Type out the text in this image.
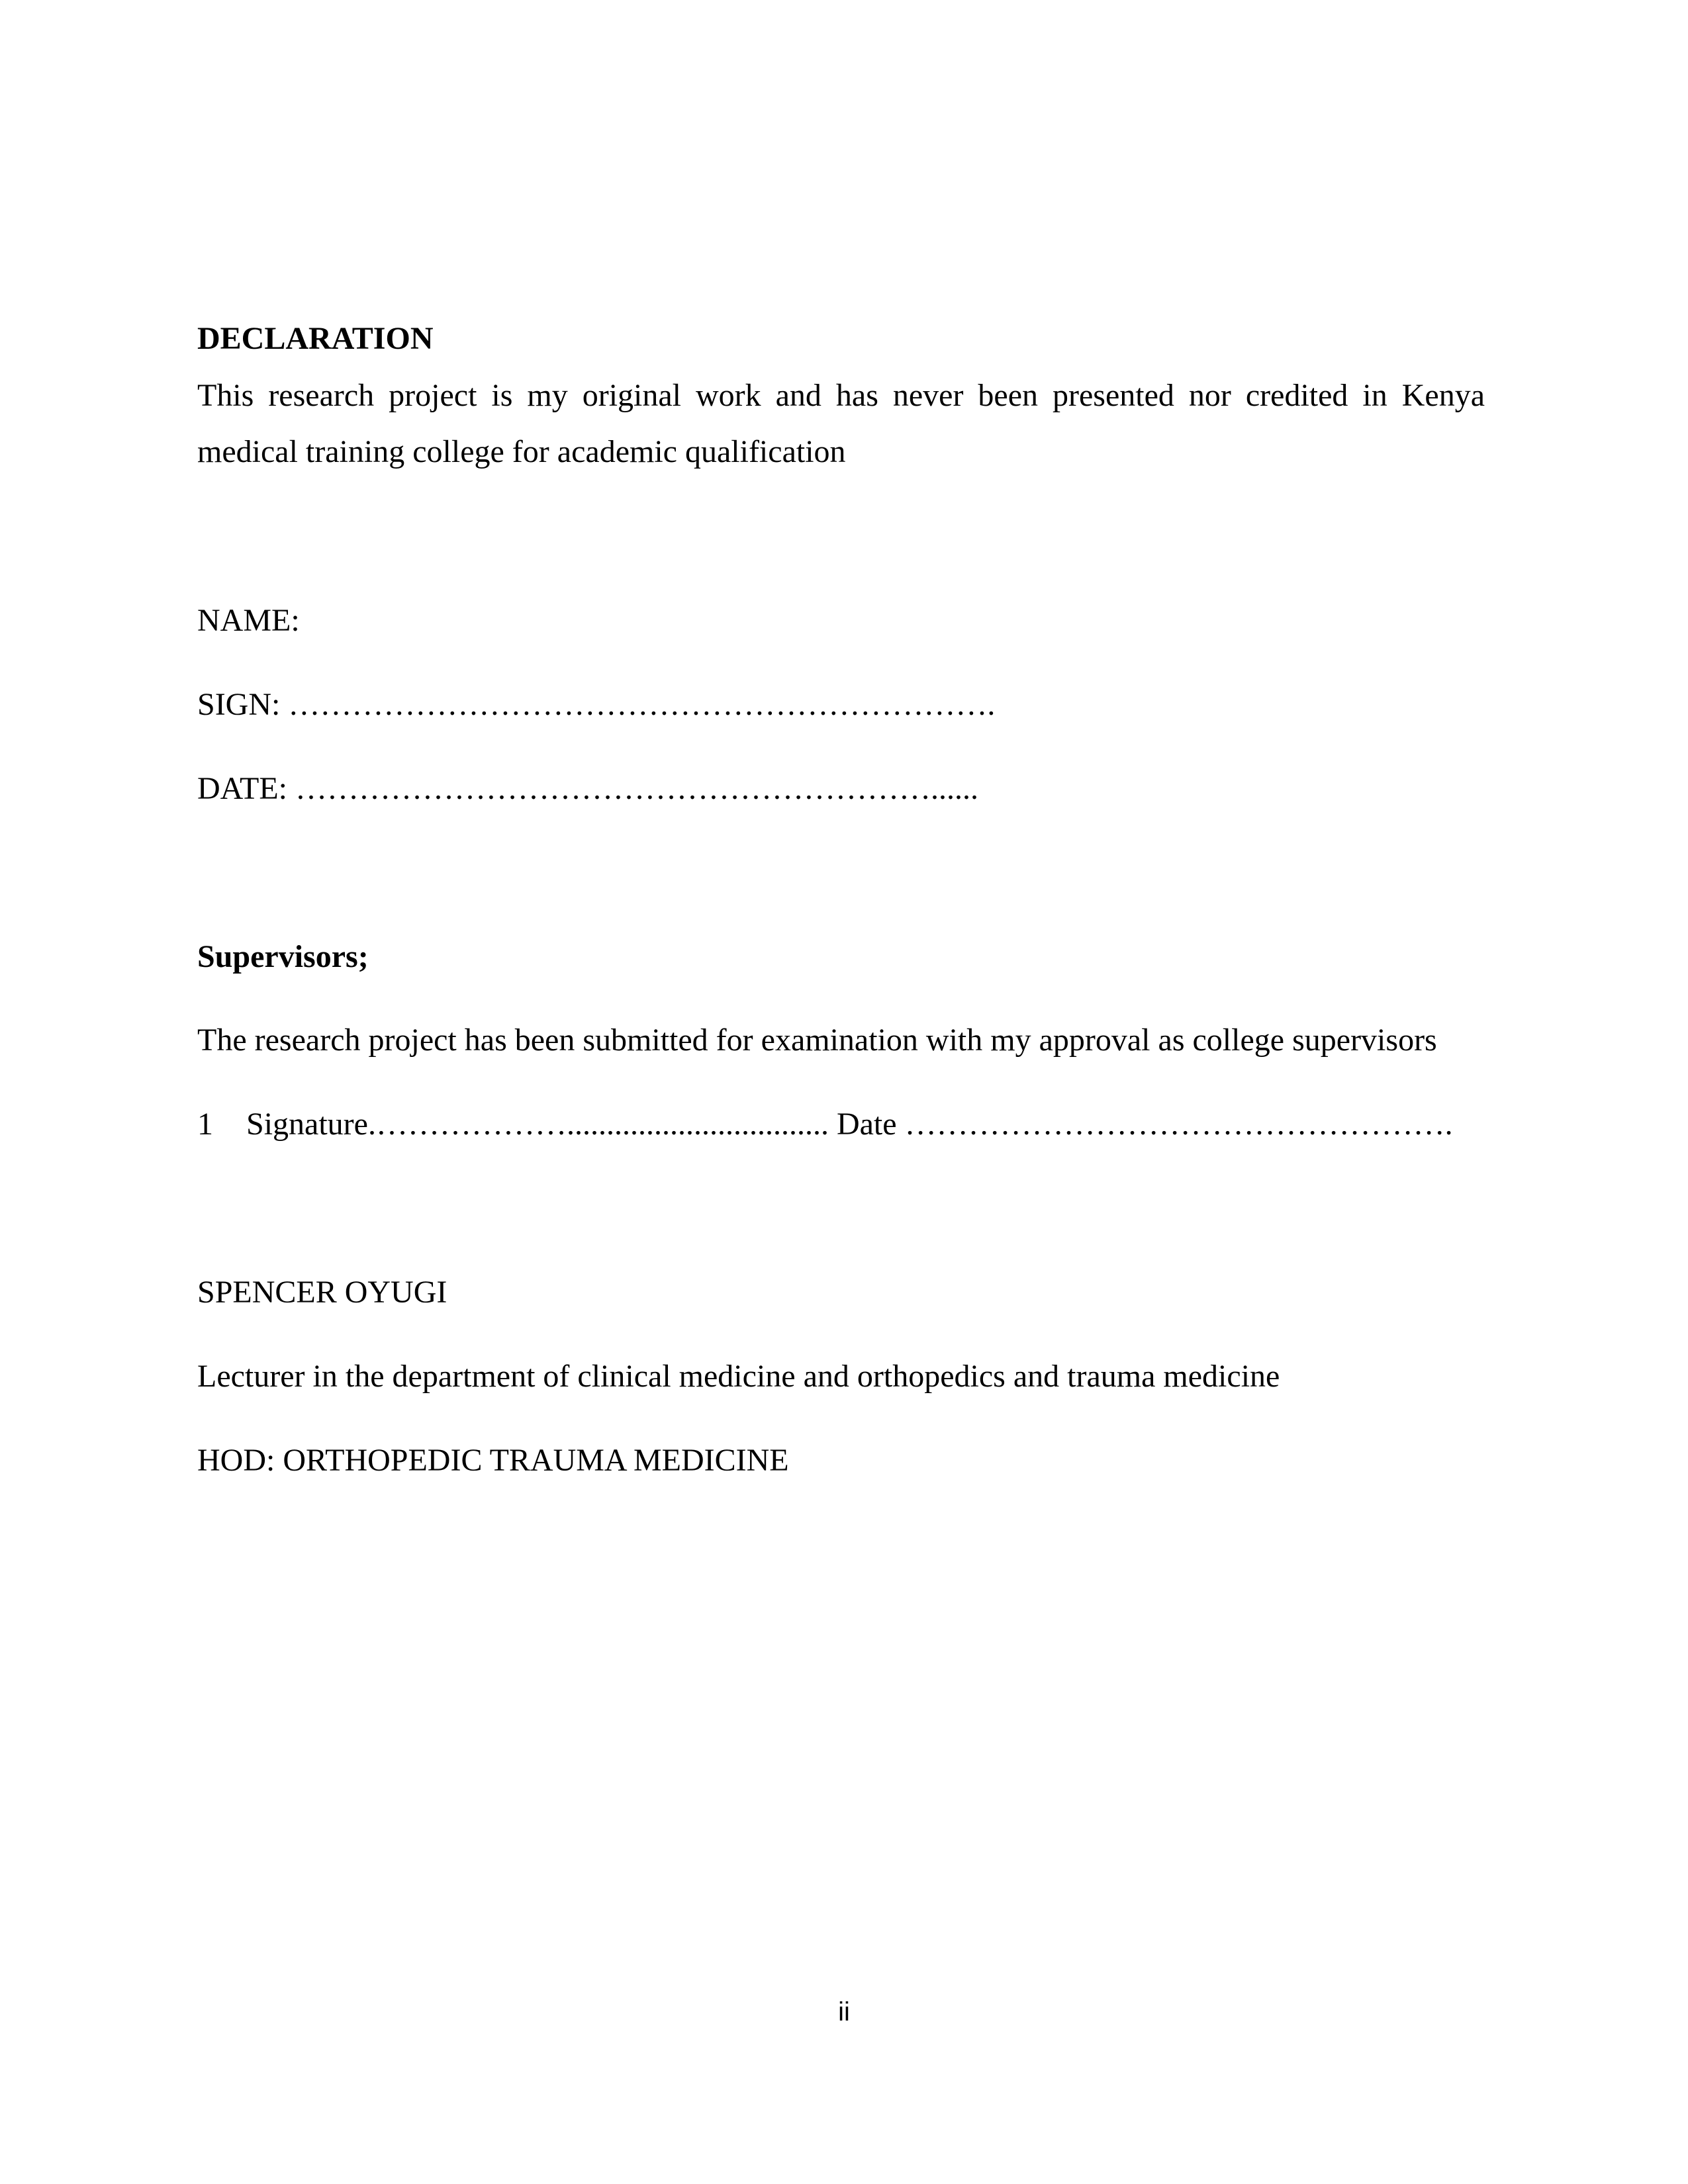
DECLARATION
This research project is my original work and has never been presented nor credited in Kenya
medical training college for academic qualification
NAME:
SIGN: ………………………………………………………….
DATE: ……………………………………………………......
Supervisors;
The research project has been submitted for examination with my approval as college supervisors
1 Signature.………………................................. Date …………………………………………….
SPENCER OYUGI
Lecturer in the department of clinical medicine and orthopedics and trauma medicine
HOD: ORTHOPEDIC TRAUMA MEDICINE
ii
